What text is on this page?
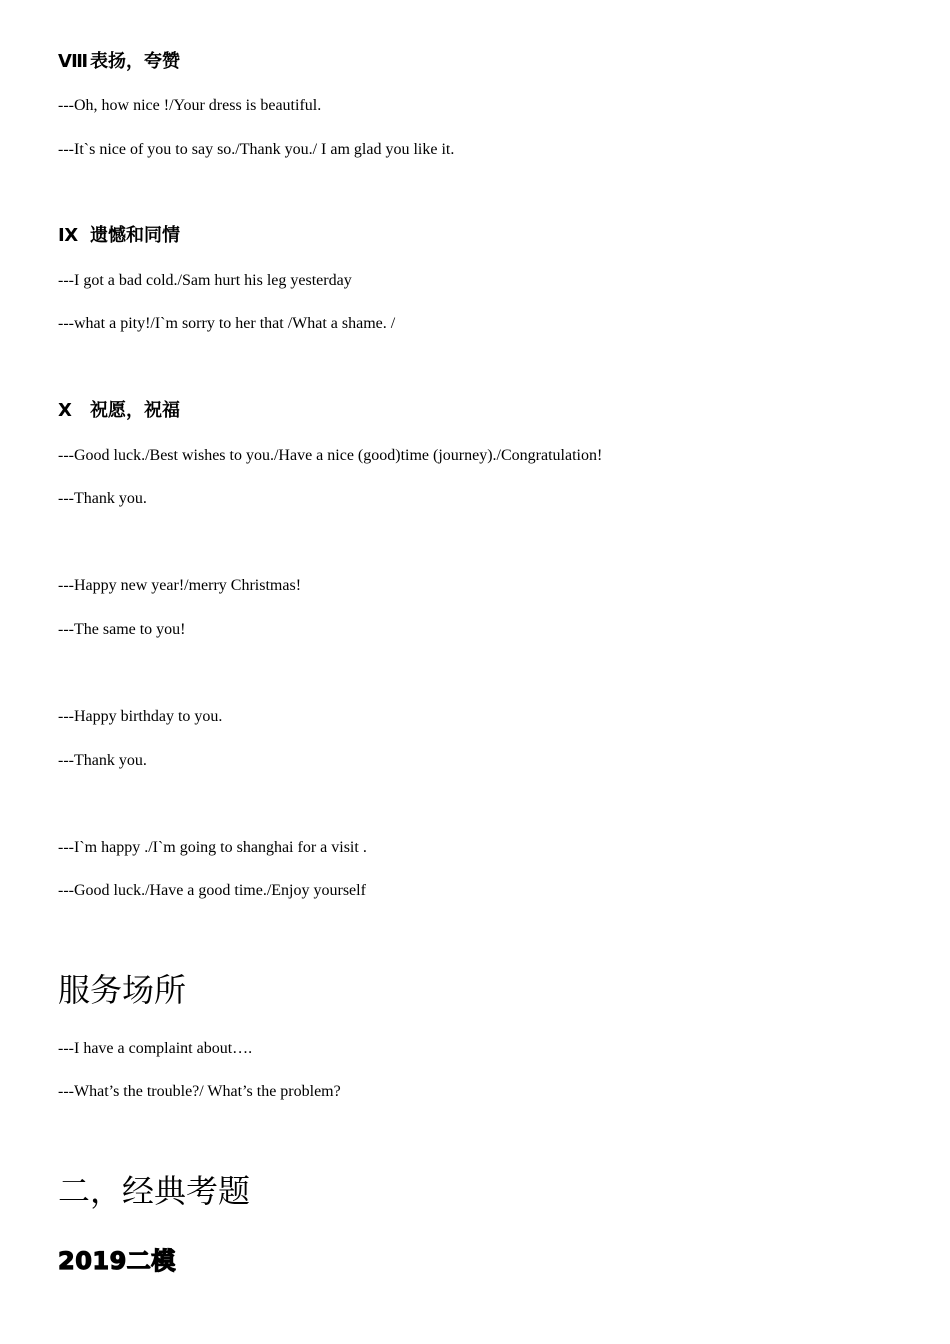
Ⅷ 表扬，夸赞
---Oh, how nice !/Your dress is beautiful.
---It`s nice of you to say so./Thank you./ I am glad you like it.
Ⅸ 遗憾和同情
---I got a bad cold./Sam hurt his leg yesterday
---what a pity!/I`m sorry to her that /What a shame. /
Ⅹ 祝愿，祝福
---Good luck./Best wishes to you./Have a nice (good)time (journey)./Congratulation!
---Thank you.
---Happy new year!/merry Christmas!
---The same to you!
---Happy birthday to you.
---Thank you.
---I`m happy ./I`m going to shanghai for a visit .
---Good luck./Have a good time./Enjoy yourself
服务场所
---I have a complaint about….
---What’s the trouble?/ What’s the problem?
二，经典考题
2019二模
